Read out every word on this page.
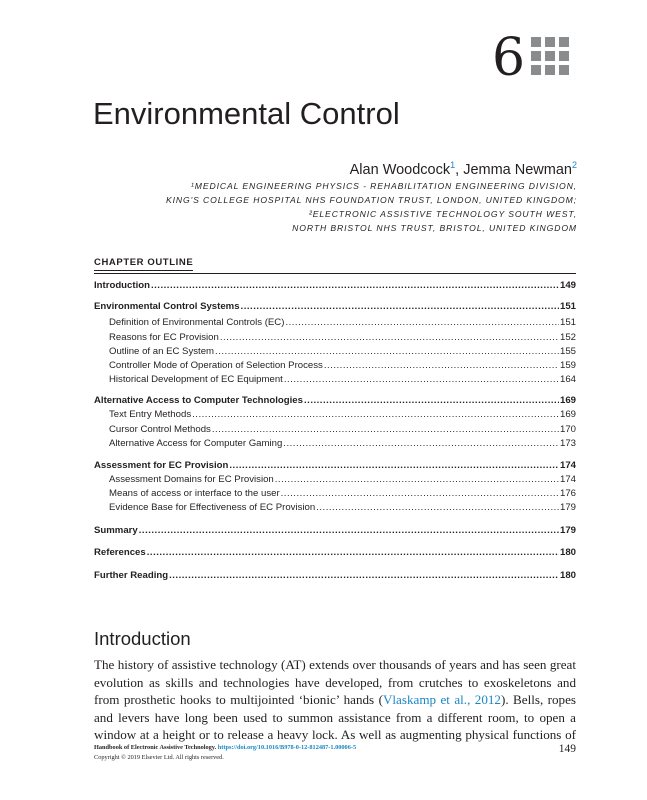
6
Environmental Control
Alan Woodcock$^1$, Jemma Newman$^2$
¹MEDICAL ENGINEERING PHYSICS - REHABILITATION ENGINEERING DIVISION,
KING'S COLLEGE HOSPITAL NHS FOUNDATION TRUST, LONDON, UNITED KINGDOM;
²ELECTRONIC ASSISTIVE TECHNOLOGY SOUTH WEST,
NORTH BRISTOL NHS TRUST, BRISTOL, UNITED KINGDOM
CHAPTER OUTLINE
Introduction .....	149
Environmental Control Systems .....	151
Definition of Environmental Controls (EC) .....	151
Reasons for EC Provision .....	152
Outline of an EC System .....	155
Controller Mode of Operation of Selection Process .....	159
Historical Development of EC Equipment .....	164
Alternative Access to Computer Technologies .....	169
Text Entry Methods .....	169
Cursor Control Methods .....	170
Alternative Access for Computer Gaming .....	173
Assessment for EC Provision .....	174
Assessment Domains for EC Provision .....	174
Means of access or interface to the user .....	176
Evidence Base for Effectiveness of EC Provision .....	179
Summary .....	179
References .....	180
Further Reading .....	180
Introduction
The history of assistive technology (AT) extends over thousands of years and has seen great
evolution as skills and technologies have developed, from crutches to exoskeletons and
from prosthetic hooks to multijointed ‘bionic’ hands (Vlaskamp et al., 2012). Bells, ropes
and levers have long been used to summon assistance from a different room, to open a
window at a height or to release a heavy lock. As well as augmenting physical functions of
Handbook of Electronic Assistive Technology. https://doi.org/10.1016/B978-0-12-812487-1.00006-5
Copyright © 2019 Elsevier Ltd. All rights reserved.
149
